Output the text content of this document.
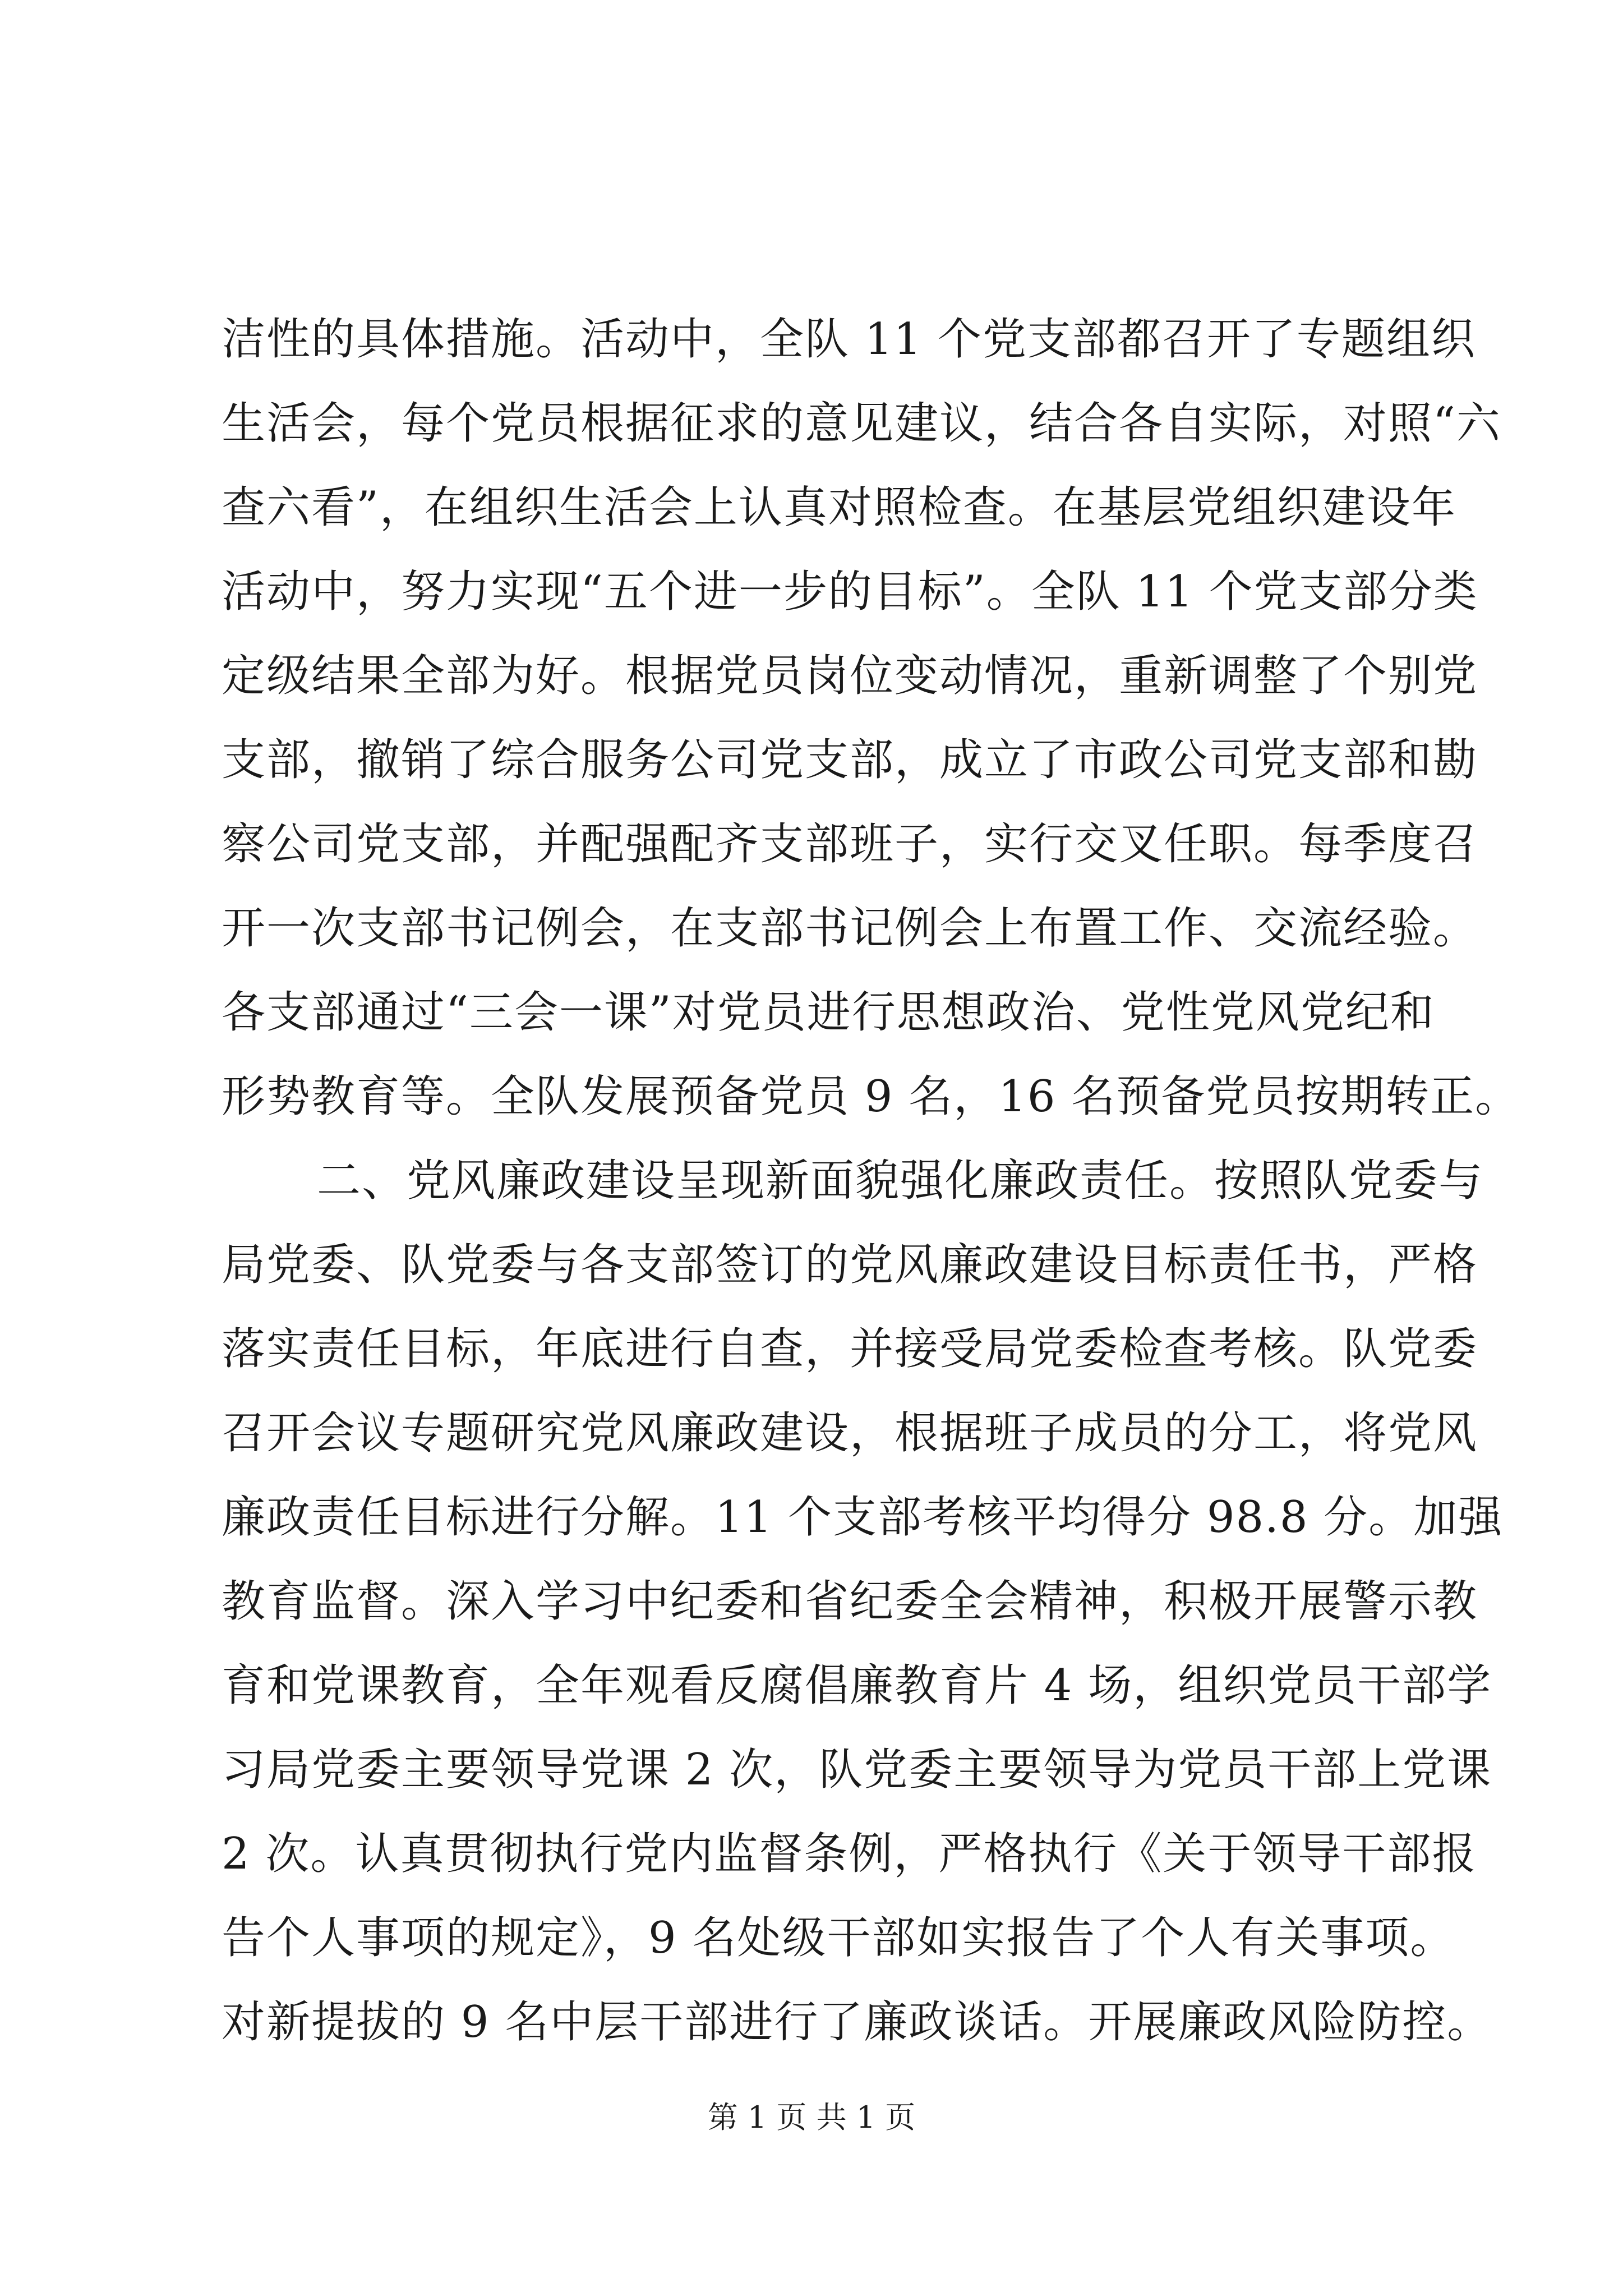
洁性的具体措施。活动中，全队 11 个党支部都召开了专题组织
生活会，每个党员根据征求的意见建议，结合各自实际，对照“六
查六看”，在组织生活会上认真对照检查。在基层党组织建设年
活动中，努力实现“五个进一步的目标”。全队 11 个党支部分类
定级结果全部为好。根据党员岗位变动情况，重新调整了个别党
支部，撤销了综合服务公司党支部，成立了市政公司党支部和勘
察公司党支部，并配强配齐支部班子，实行交叉任职。每季度召
开一次支部书记例会，在支部书记例会上布置工作、交流经验。
各支部通过“三会一课”对党员进行思想政治、党性党风党纪和
形势教育等。全队发展预备党员 9 名，16 名预备党员按期转正。
二、党风廉政建设呈现新面貌强化廉政责任。按照队党委与
局党委、队党委与各支部签订的党风廉政建设目标责任书，严格
落实责任目标，年底进行自查，并接受局党委检查考核。队党委
召开会议专题研究党风廉政建设，根据班子成员的分工，将党风
廉政责任目标进行分解。11 个支部考核平均得分 98.8 分。加强
教育监督。深入学习中纪委和省纪委全会精神，积极开展警示教
育和党课教育，全年观看反腐倡廉教育片 4 场，组织党员干部学
习局党委主要领导党课 2 次，队党委主要领导为党员干部上党课
2 次。认真贯彻执行党内监督条例，严格执行《关于领导干部报
告个人事项的规定》，9 名处级干部如实报告了个人有关事项。
对新提拔的 9 名中层干部进行了廉政谈话。开展廉政风险防控。
第 1 页 共 1 页
